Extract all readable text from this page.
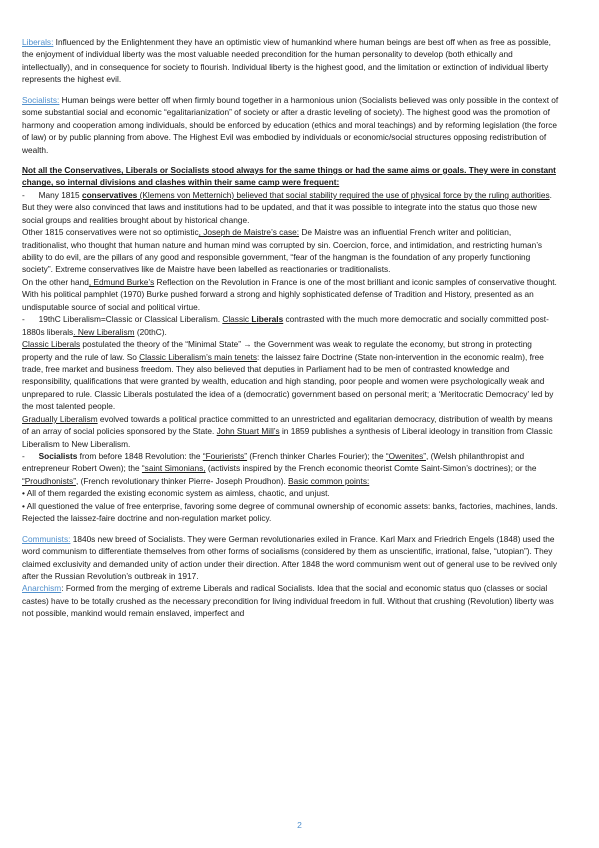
Liberals: Influenced by the Enlightenment they have an optimistic view of humankind where human beings are best off when as free as possible, the enjoyment of individual liberty was the most valuable needed precondition for the human personality to develop (both ethically and intellectually), and in consequence for society to flourish. Individual liberty is the highest good, and the limitation or extinction of individual liberty represents the highest evil.

Socialists: Human beings were better off when firmly bound together in a harmonious union (Socialists believed was only possible in the context of some substantial social and economic “egalitarianization” of society or after a drastic leveling of society). The highest good was the promotion of harmony and cooperation among individuals, should be enforced by education (ethics and moral teachings) and by reforming legislation (the force of law) or by public planning from above. The Highest Evil was embodied by individuals or economic/social structures opposing redistribution of wealth.

Not all the Conservatives, Liberals or Socialists stood always for the same things or had the same aims or goals. They were in constant change, so internal divisions and clashes within their same camp were frequent:

-      Many 1815 conservatives (Klemens von Metternich) believed that social stability required the use of physical force by the ruling authorities. But they were also convinced that laws and institutions had to be updated, and that it was possible to integrate into the status quo those new social groups and realities brought about by historical change.

Other 1815 conservatives were not so optimistic, Joseph de Maistre’s case: De Maistre was an influential French writer and politician, traditionalist, who thought that human nature and human mind was corrupted by sin. Coercion, force, and intimidation, and restricting human’s ability to do evil, are the pillars of any good and responsible government, “fear of the hangman is the foundation of any properly functioning society”. Extreme conservatives like de Maistre have been labelled as reactionaries or traditionalists.

On the other hand, Edmund Burke’s Reflection on the Revolution in France is one of the most brilliant and iconic samples of conservative thought. With his political pamphlet (1970) Burke pushed forward a strong and highly sophisticated defense of Tradition and History, presented as an undisputable source of social and political virtue.

-      19thC Liberalism=Classic or Classical Liberalism. Classic Liberals contrasted with the much more democratic and socially committed post-1880s liberals. New Liberalism (20thC).

Classic Liberals postulated the theory of the “Minimal State” → the Government was weak to regulate the economy, but strong in protecting property and the rule of law. So Classic Liberalism’s main tenets: the laissez faire Doctrine (State non-intervention in the economic realm), free trade, free market and business freedom. They also believed that deputies in Parliament had to be men of contrasted knowledge and responsibility, qualifications that were granted by wealth, education and high standing, poor people and women were psychologically weak and unprepared to rule. Classic Liberals postulated the idea of a (democratic) government based on personal merit; a ‘Meritocratic Democracy’ led by the most talented people.

Gradually Liberalism evolved towards a political practice committed to an unrestricted and egalitarian democracy, distribution of wealth by means of an array of social policies sponsored by the State. John Stuart Mill’s in 1859 publishes a synthesis of Liberal ideology in transition from Classic Liberalism to New Liberalism.

- Socialists from before 1848 Revolution: the “Fourierists” (French thinker Charles Fourier); the “Owenites”, (Welsh philanthropist and entrepreneur Robert Owen); the “saint Simonians, (activists inspired by the French economic theorist Comte Saint-Simon’s doctrines); or the “Proudhonists”, (French revolutionary thinker Pierre- Joseph Proudhon). Basic common points:

• All of them regarded the existing economic system as aimless, chaotic, and unjust.

• All questioned the value of free enterprise, favoring some degree of communal ownership of economic assets: banks, factories, machines, lands. Rejected the laissez-faire doctrine and non-regulation market policy.

Communists: 1840s new breed of Socialists. They were German revolutionaries exiled in France. Karl Marx and Friedrich Engels (1848) used the word communism to differentiate themselves from other forms of socialisms (considered by them as unscientific, irrational, false, “utopian”). They claimed exclusivity and demanded unity of action under their direction. After 1848 the word communism went out of general use to be revived only after the Russian Revolution’s outbreak in 1917.

Anarchism: Formed from the merging of extreme Liberals and radical Socialists. Idea that the social and economic status quo (classes or social castes) have to be totally crushed as the necessary precondition for living individual freedom in full. Without that crushing (Revolution) liberty was not possible, mankind would remain enslaved, imperfect and

2
